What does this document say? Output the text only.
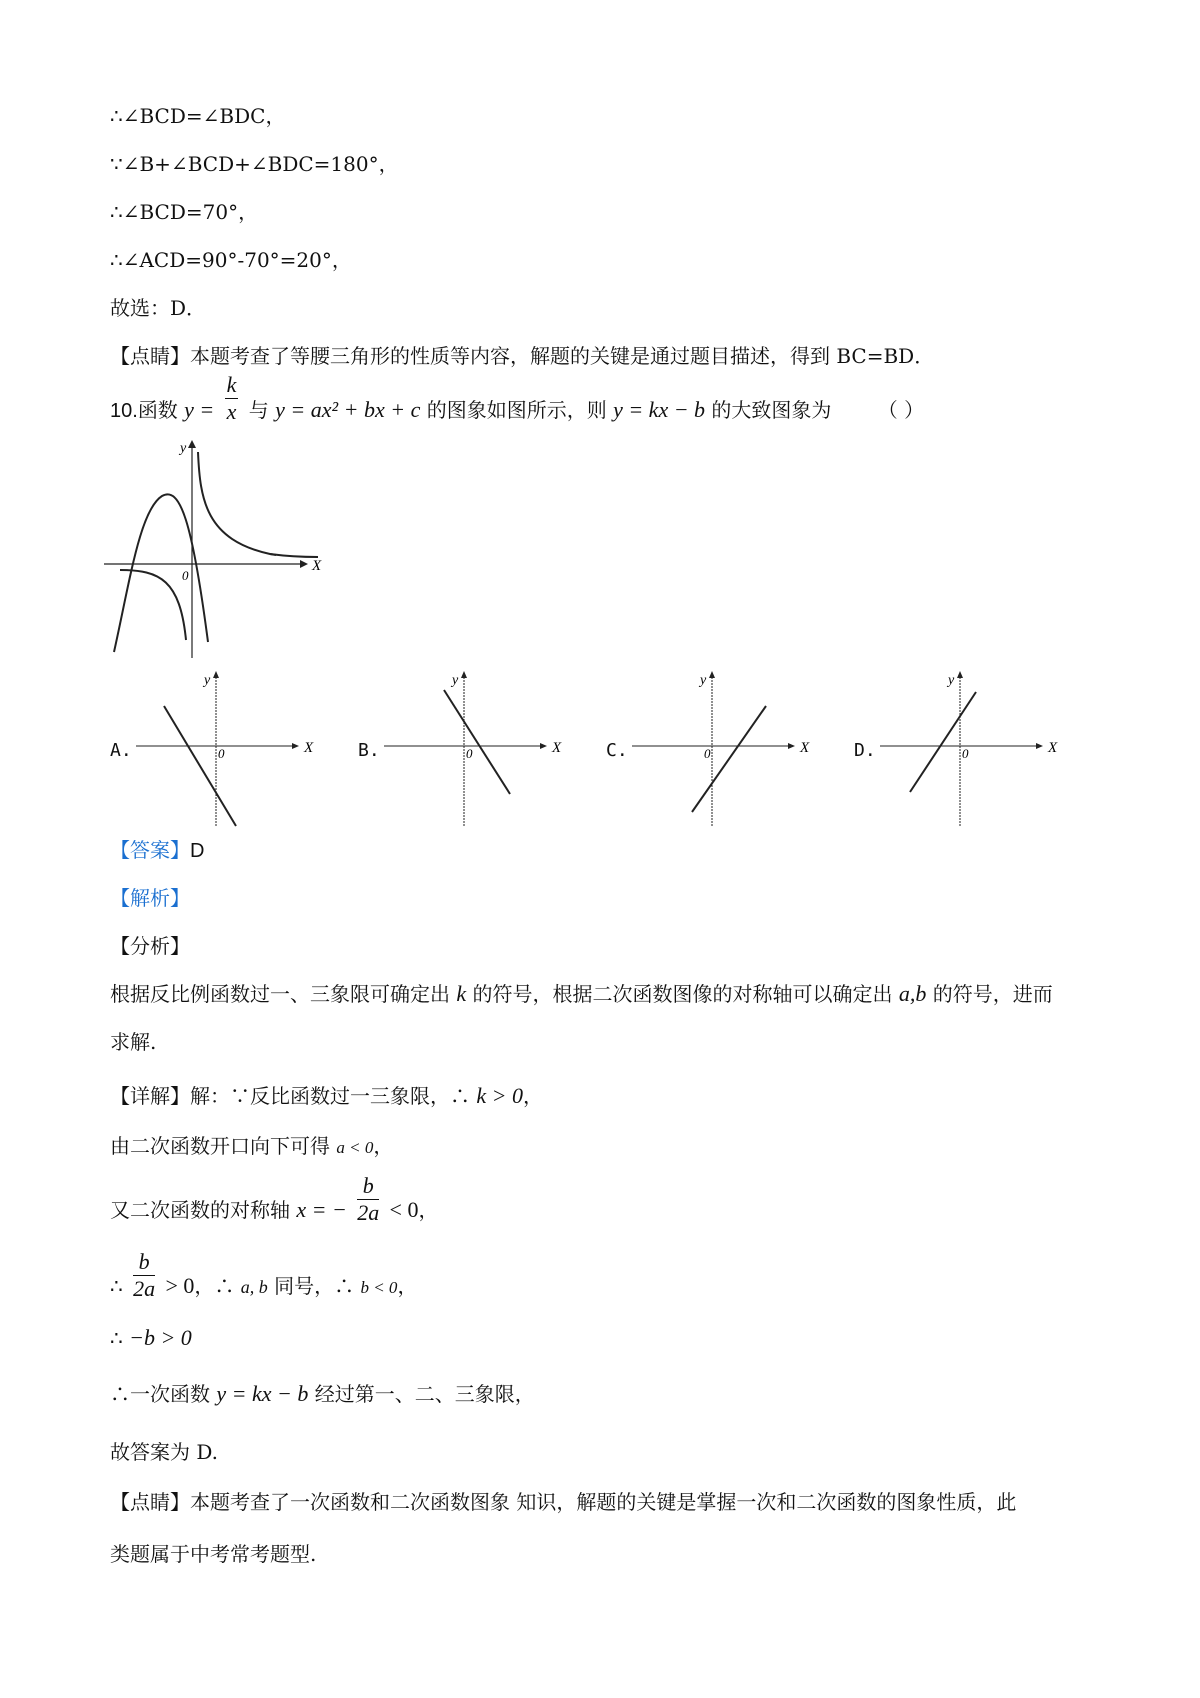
∴∠BCD=∠BDC，
∵∠B+∠BCD+∠BDC=180°，
∴∠BCD=70°，
∴∠ACD=90°-70°=20°，
故选：D．
【点睛】本题考查了等腰三角形的性质等内容，解题的关键是通过题目描述，得到 BC=BD．
10.函数 $y = \frac{k}{x}$ 与 y = ax² + bx + c 的图象如图所示，则 y = kx − b 的大致图象为 （ ）
X
y
0
A.	X
y
0	B.	X
y
0	C.	X
y
0	D.	X
y
0
【答案】D
【解析】
【分析】
根据反比例函数过一、三象限可确定出 k 的符号，根据二次函数图像的对称轴可以确定出 a,b 的符号，进而
求解.
【详解】解：∵反比函数过一三象限，∴ k > 0，
由二次函数开口向下可得 a < 0，
又二次函数的对称轴 x = − $\frac{b}{2a} < 0$，
∴ $\frac{b}{2a} > 0$，∴ a, b 同号，∴ b < 0，
∴ −b > 0
∴一次函数 y = kx − b 经过第一、二、三象限，
故答案为 D.
【点睛】本题考查了一次函数和二次函数图象 知识，解题的关键是掌握一次和二次函数的图象性质，此
类题属于中考常考题型.
